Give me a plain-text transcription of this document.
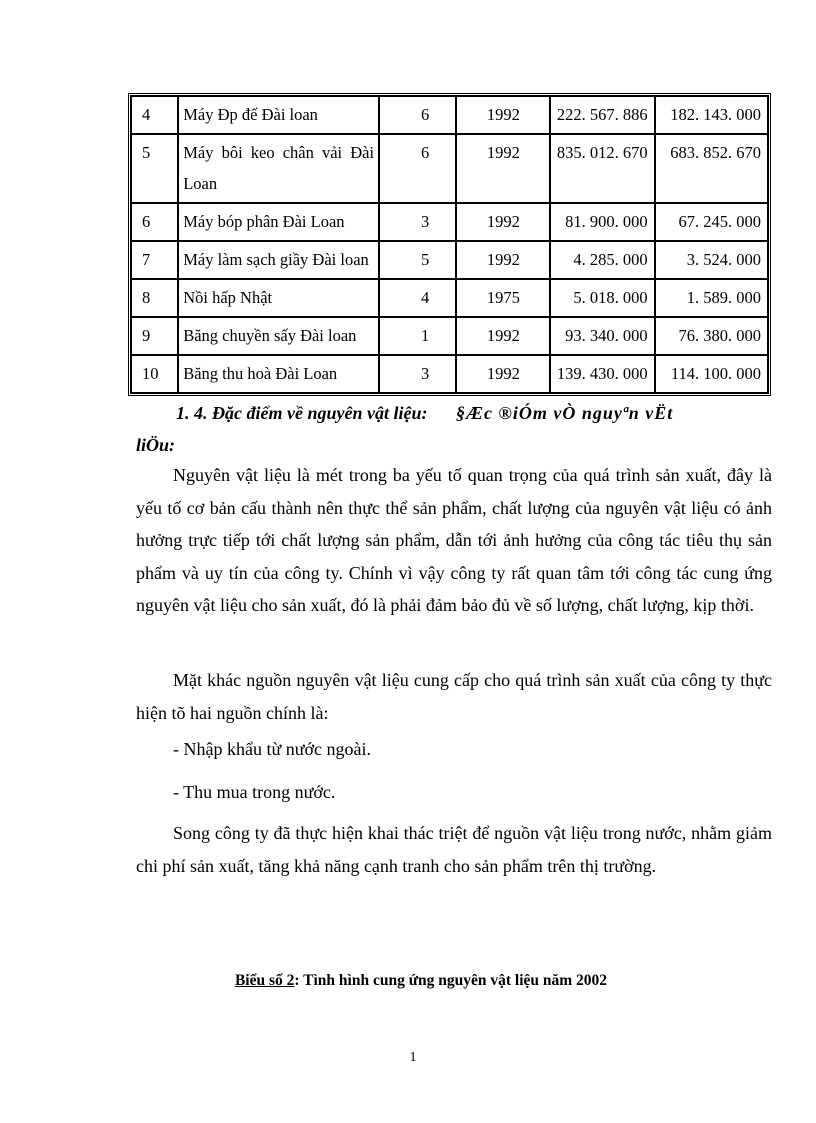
4	Máy Đp đế Đài loan	6	1992	222. 567. 886	182. 143. 000
5	Máy bôi keo chân vải Đài Loan	6	1992	835. 012. 670	683. 852. 670
6	Máy bóp phân Đài Loan	3	1992	81. 900. 000	67. 245. 000
7	Máy làm sạch giầy Đài loan	5	1992	4. 285. 000	3. 524. 000
8	Nồi hấp Nhật	4	1975	5. 018. 000	1. 589. 000
9	Băng chuyền sấy Đài loan	1	1992	93. 340. 000	76. 380. 000
10	Băng thu hoà Đài Loan	3	1992	139. 430. 000	114. 100. 000
1. 4. Đặc điểm về nguyên vật liệu: §Æc ®iÓm vÒ nguyªn vËt
liÖu:
Nguyên vật liệu là mét trong ba yếu tố quan trọng của quá trình sản xuất, đây là yếu tố cơ bản cấu thành nên thực thể sản phẩm, chất lượng của nguyên vật liệu có ảnh hưởng trực tiếp tới chất lượng sản phẩm, dẫn tới ảnh hưởng của công tác tiêu thụ sản phẩm và uy tín của công ty. Chính vì vậy công ty rất quan tâm tới công tác cung ứng nguyên vật liệu cho sản xuất, đó là phải đảm bảo đủ về số lượng, chất lượng, kịp thời.
Mặt khác nguồn nguyên vật liệu cung cấp cho quá trình sản xuất của công ty thực hiện tõ hai nguồn chính là:
- Nhập khẩu từ nước ngoài.
- Thu mua trong nước.
Song công ty đã thực hiện khai thác triệt để nguồn vật liệu trong nước, nhằm giảm chi phí sản xuất, tăng khả năng cạnh tranh cho sản phẩm trên thị trường.
Biểu số 2: Tình hình cung ứng nguyên vật liệu năm 2002
1
